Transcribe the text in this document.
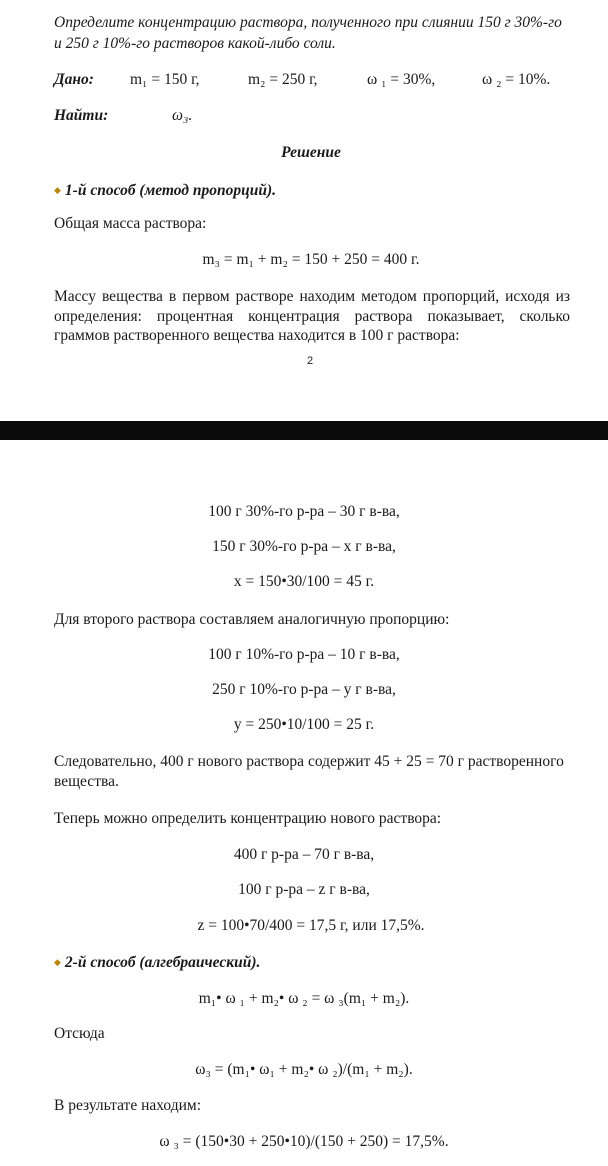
Определите концентрацию раствора, полученного при слиянии 150 г 30%-го
и 250 г 10%-го растворов какой-либо соли.
Дано: m₁ = 150 г,	m₂ = 250 г,	ω ₁ = 30%,	ω ₂ = 10%.
Найти:	ω₃.
Решение
◆ 1-й способ (метод пропорций).
Общая масса раствора:
m₃ = m₁ + m₂ = 150 + 250 = 400 г.
Массу вещества в первом растворе находим методом пропорций, исходя из
определения: процентная концентрация раствора показывает, сколько
граммов растворенного вещества находится в 100 г раствора:
2
100 г 30%-го р-ра – 30 г в-ва,
150 г 30%-го р-ра – x г в-ва,
x = 150•30/100 = 45 г.
Для второго раствора составляем аналогичную пропорцию:
100 г 10%-го р-ра – 10 г в-ва,
250 г 10%-го р-ра – y г в-ва,
y = 250•10/100 = 25 г.
Следовательно, 400 г нового раствора содержит 45 + 25 = 70 г растворенного
вещества.
Теперь можно определить концентрацию нового раствора:
400 г р-ра – 70 г в-ва,
100 г р-ра – z г в-ва,
z = 100•70/400 = 17,5 г, или 17,5%.
◆ 2-й способ (алгебраический).
m₁• ω ₁ + m₂• ω ₂ = ω ₃(m₁ + m₂).
Отсюда
ω₃ = (m₁• ω₁ + m₂• ω ₂)/(m₁ + m₂).
В результате находим:
ω ₃ = (150•30 + 250•10)/(150 + 250) = 17,5%.
